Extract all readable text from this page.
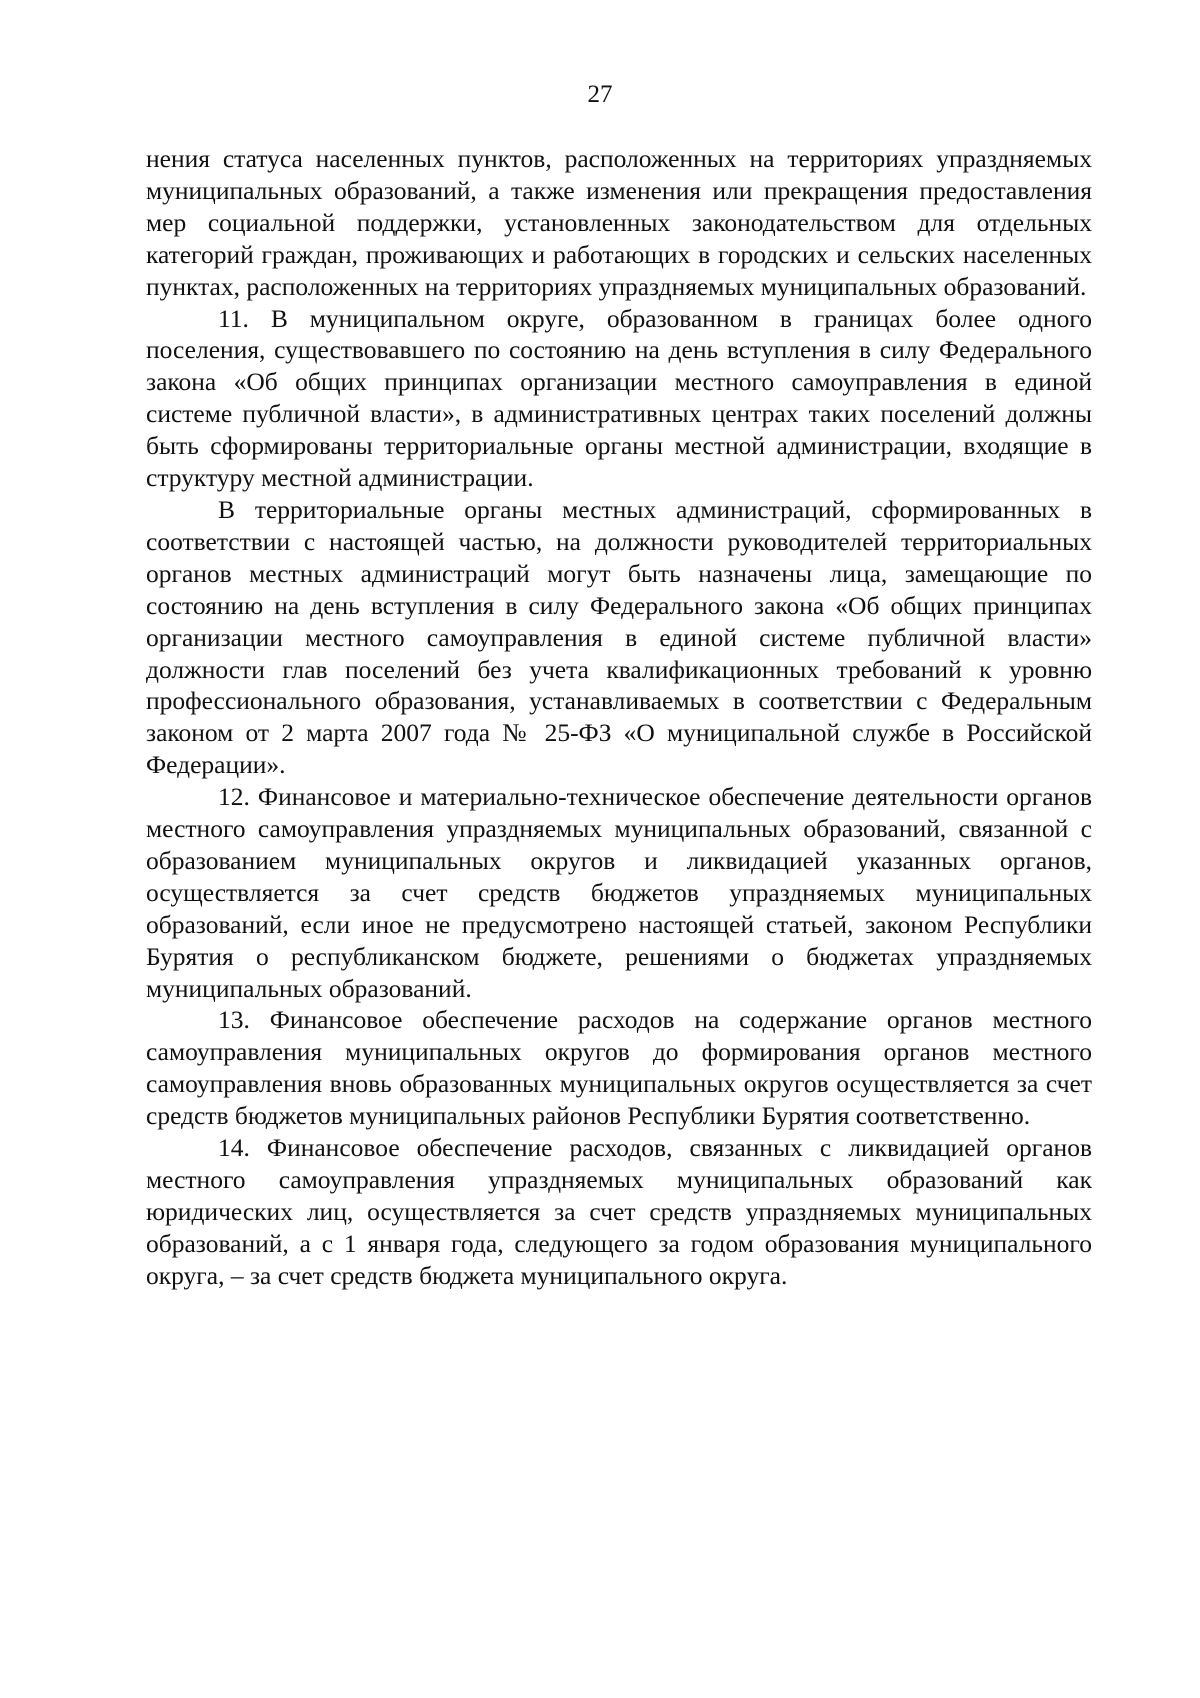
27

нения статуса населенных пунктов, расположенных на территориях упраздняемых муниципальных образований, а также изменения или прекращения предоставления мер социальной поддержки, установленных законодательством для отдельных категорий граждан, проживающих и работающих в городских и сельских населенных пунктах, расположенных на территориях упраздняемых муниципальных образований.

11. В муниципальном округе, образованном в границах более одного поселения, существовавшего по состоянию на день вступления в силу Федерального закона «Об общих принципах организации местного самоуправления в единой системе публичной власти», в административных центрах таких поселений должны быть сформированы территориальные органы местной администрации, входящие в структуру местной администрации.

В территориальные органы местных администраций, сформированных в соответствии с настоящей частью, на должности руководителей территориальных органов местных администраций могут быть назначены лица, замещающие по состоянию на день вступления в силу Федерального закона «Об общих принципах организации местного самоуправления в единой системе публичной власти» должности глав поселений без учета квалификационных требований к уровню профессионального образования, устанавливаемых в соответствии с Федеральным законом от 2 марта 2007 года № 25-ФЗ «О муниципальной службе в Российской Федерации».

12. Финансовое и материально-техническое обеспечение деятельности органов местного самоуправления упраздняемых муниципальных образований, связанной с образованием муниципальных округов и ликвидацией указанных органов, осуществляется за счет средств бюджетов упраздняемых муниципальных образований, если иное не предусмотрено настоящей статьей, законом Республики Бурятия о республиканском бюджете, решениями о бюджетах упраздняемых муниципальных образований.

13. Финансовое обеспечение расходов на содержание органов местного самоуправления муниципальных округов до формирования органов местного самоуправления вновь образованных муниципальных округов осуществляется за счет средств бюджетов муниципальных районов Республики Бурятия соответственно.

14. Финансовое обеспечение расходов, связанных с ликвидацией органов местного самоуправления упраздняемых муниципальных образований как юридических лиц, осуществляется за счет средств упраздняемых муниципальных образований, а с 1 января года, следующего за годом образования муниципального округа, – за счет средств бюджета муниципального округа.
